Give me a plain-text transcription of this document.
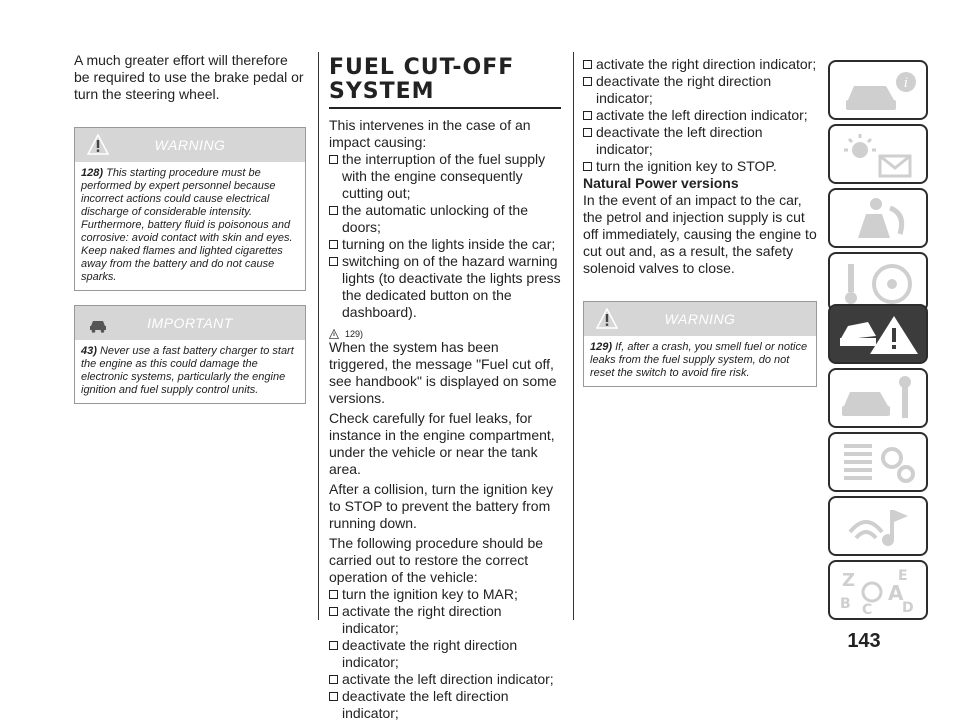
A much greater effort will therefore be required to use the brake pedal or turn the steering wheel.

WARNING
128) This starting procedure must be performed by expert personnel because incorrect actions could cause electrical discharge of considerable intensity. Furthermore, battery fluid is poisonous and corrosive: avoid contact with skin and eyes. Keep naked flames and lighted cigarettes away from the battery and do not cause sparks.
IMPORTANT
43) Never use a fast battery charger to start the engine as this could damage the electronic systems, particularly the engine ignition and fuel supply control units.
FUEL CUT-OFF
SYSTEM

This intervenes in the case of an impact causing:

the interruption of the fuel supply with the engine consequently cutting out;
the automatic unlocking of the doors;
turning on the lights inside the car;
switching on of the hazard warning lights (to deactivate the lights press the dedicated button on the dashboard).
129)

When the system has been triggered, the message "Fuel cut off, see handbook" is displayed on some versions.

Check carefully for fuel leaks, for instance in the engine compartment, under the vehicle or near the tank area.

After a collision, turn the ignition key to STOP to prevent the battery from running down.

The following procedure should be carried out to restore the correct operation of the vehicle:

turn the ignition key to MAR;
activate the right direction indicator;
deactivate the right direction indicator;
activate the left direction indicator;
deactivate the left direction indicator;
activate the right direction indicator;
deactivate the right direction indicator;
activate the left direction indicator;
deactivate the left direction indicator;
turn the ignition key to STOP.
Natural Power versions

In the event of an impact to the car, the petrol and injection supply is cut off immediately, causing the engine to cut out and, as a result, the safety solenoid valves to close.

WARNING
129) If, after a crash, you smell fuel or notice leaks from the fuel supply system, do not reset the switch to avoid fire risk.
i
Z	E
B A
C D
143
